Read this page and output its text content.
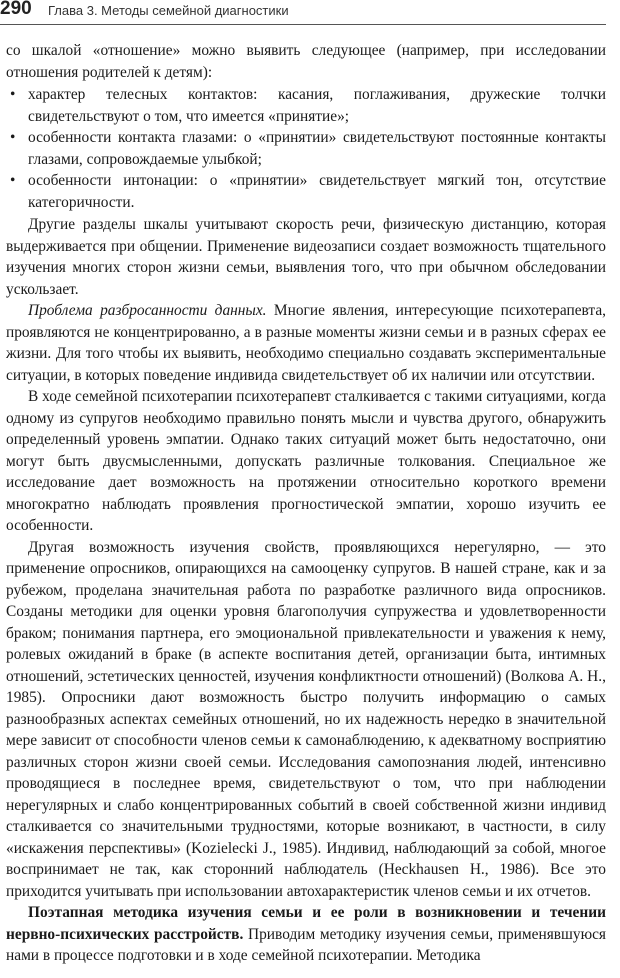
290 Глава 3. Методы семейной диагностики

со шкалой «отношение» можно выявить следующее (например, при исследовании отношения родителей к детям):

• характер телесных контактов: касания, поглаживания, дружеские толчки свидетельствуют о том, что имеется «принятие»;
• особенности контакта глазами: о «принятии» свидетельствуют постоянные контакты глазами, сопровождаемые улыбкой;
• особенности интонации: о «принятии» свидетельствует мягкий тон, отсутствие категоричности.

Другие разделы шкалы учитывают скорость речи, физическую дистанцию, которая выдерживается при общении. Применение видеозаписи создает возможность тщательного изучения многих сторон жизни семьи, выявления того, что при обычном обследовании ускользает.

Проблема разбросанности данных. Многие явления, интересующие психотерапевта, проявляются не концентрированно, а в разные моменты жизни семьи и в разных сферах ее жизни. Для того чтобы их выявить, необходимо специально создавать экспериментальные ситуации, в которых поведение индивида свидетельствует об их наличии или отсутствии.

В ходе семейной психотерапии психотерапевт сталкивается с такими ситуациями, когда одному из супругов необходимо правильно понять мысли и чувства другого, обнаружить определенный уровень эмпатии. Однако таких ситуаций может быть недостаточно, они могут быть двусмысленными, допускать различные толкования. Специальное же исследование дает возможность на протяжении относительно короткого времени многократно наблюдать проявления прогностической эмпатии, хорошо изучить ее особенности.

Другая возможность изучения свойств, проявляющихся нерегулярно, — это применение опросников, опирающихся на самооценку супругов. В нашей стране, как и за рубежом, проделана значительная работа по разработке различного вида опросников. Созданы методики для оценки уровня благополучия супружества и удовлетворенности браком; понимания партнера, его эмоциональной привлекательности и уважения к нему, ролевых ожиданий в браке (в аспекте воспитания детей, организации быта, интимных отношений, эстетических ценностей, изучения конфликтности отношений) (Волкова А. Н., 1985). Опросники дают возможность быстро получить информацию о самых разнообразных аспектах семейных отношений, но их надежность нередко в значительной мере зависит от способности членов семьи к самонаблюдению, к адекватному восприятию различных сторон жизни своей семьи. Исследования самопознания людей, интенсивно проводящиеся в последнее время, свидетельствуют о том, что при наблюдении нерегулярных и слабо концентрированных событий в своей собственной жизни индивид сталкивается со значительными трудностями, которые возникают, в частности, в силу «искажения перспективы» (Kozielecki J., 1985). Индивид, наблюдающий за собой, многое воспринимает не так, как сторонний наблюдатель (Heckhausen H., 1986). Все это приходится учитывать при использовании автохарактеристик членов семьи и их отчетов.

Поэтапная методика изучения семьи и ее роли в возникновении и течении нервно-психических расстройств. Приводим методику изучения семьи, применявшуюся нами в процессе подготовки и в ходе семейной психотерапии. Методика
